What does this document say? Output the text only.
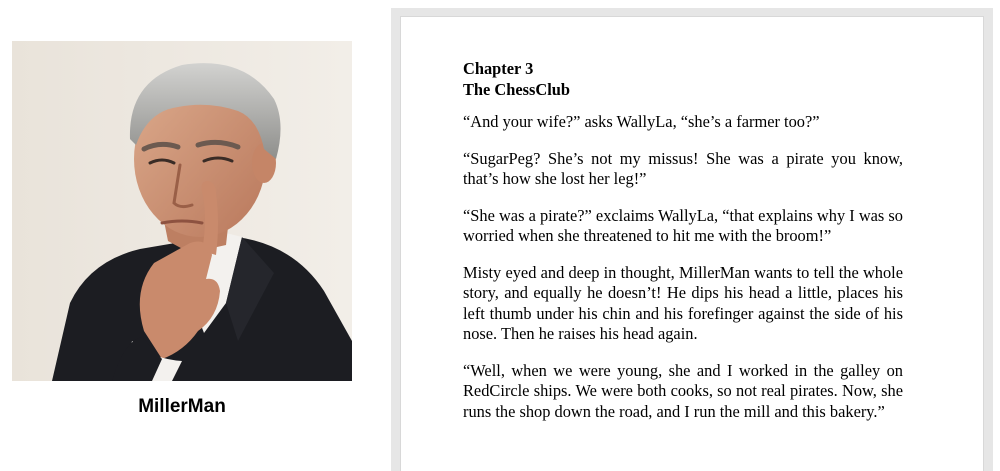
MillerMan
Chapter 3
The ChessClub

“And your wife?” asks WallyLa, “she’s a farmer too?”

“SugarPeg? She’s not my missus! She was a pirate you know, that’s how she lost her leg!”

“She was a pirate?” exclaims WallyLa, “that explains why I was so worried when she threatened to hit me with the broom!”

Misty eyed and deep in thought, MillerMan wants to tell the whole story, and equally he doesn’t! He dips his head a little, places his left thumb under his chin and his forefinger against the side of his nose. Then he raises his head again.

“Well, when we were young, she and I worked in the galley on RedCircle ships. We were both cooks, so not real pirates. Now, she runs the shop down the road, and I run the mill and this bakery.”
